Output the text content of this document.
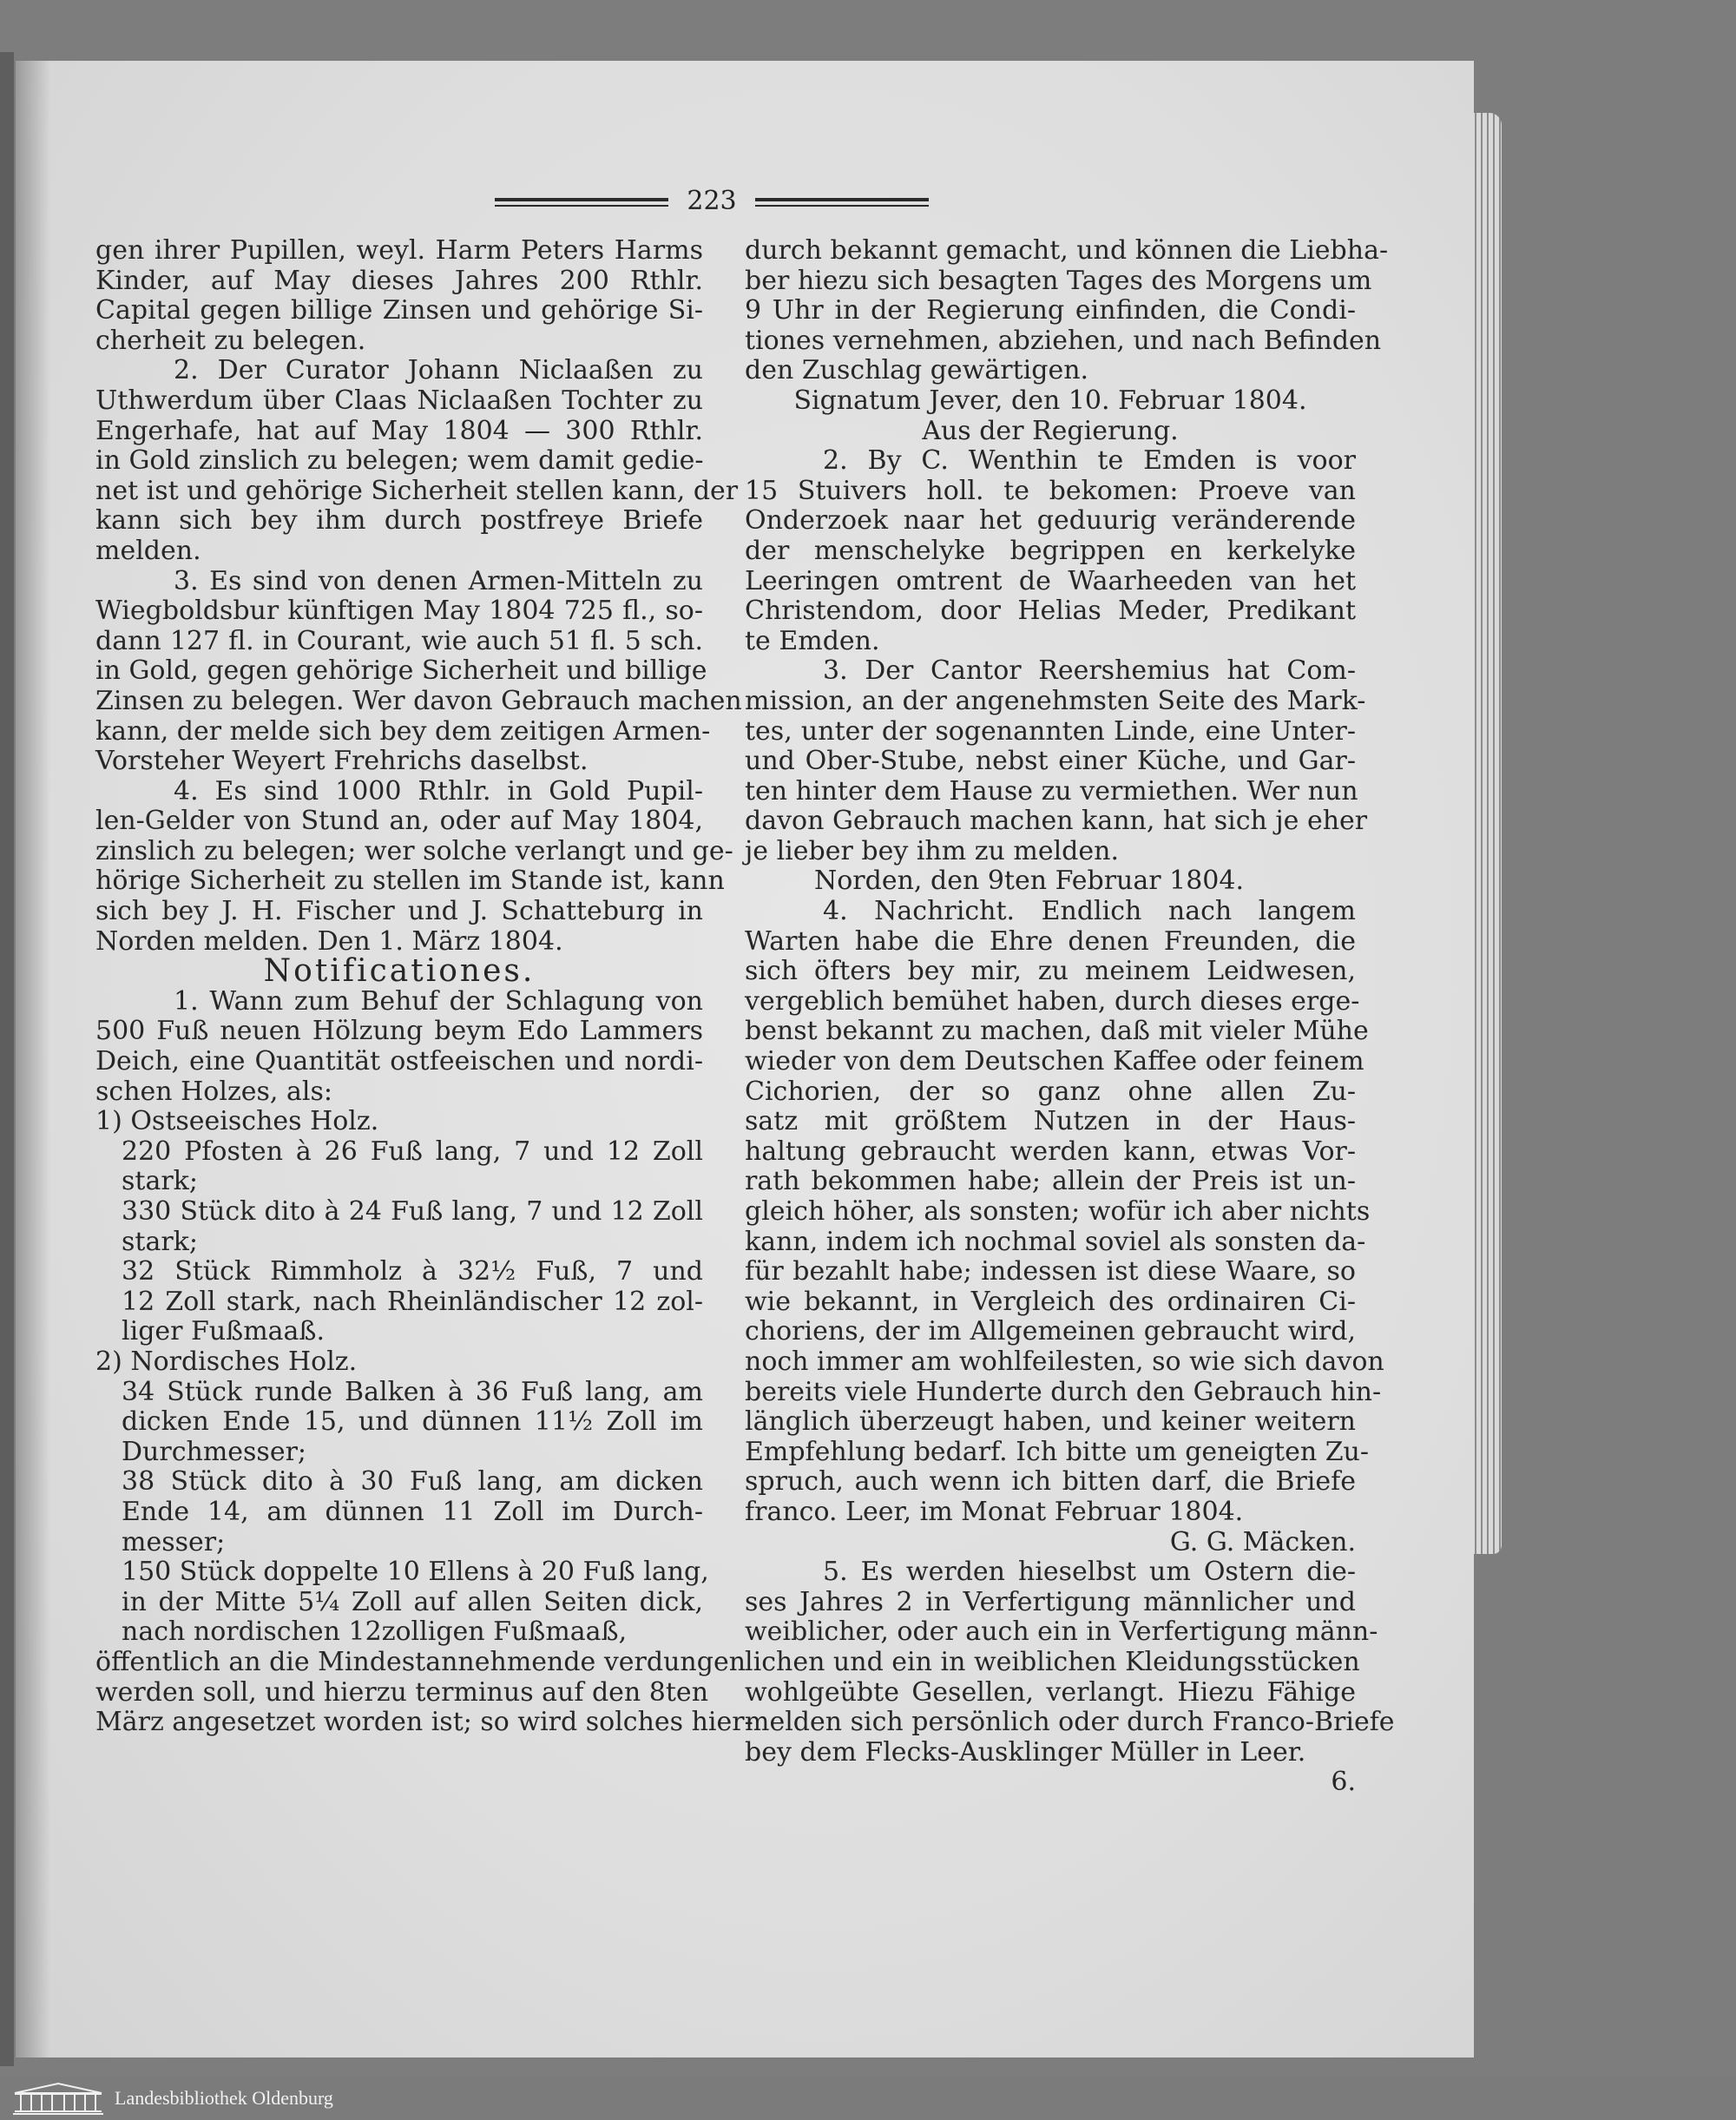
223
gen ihrer Pupillen, weyl. Harm Peters Harms
Kinder, auf May dieses Jahres 200 Rthlr.
Capital gegen billige Zinsen und gehörige Si-
cherheit zu belegen.
2. Der Curator Johann Niclaaßen zu
Uthwerdum über Claas Niclaaßen Tochter zu
Engerhafe, hat auf May 1804 — 300 Rthlr.
in Gold zinslich zu belegen; wem damit gedie-
net ist und gehörige Sicherheit stellen kann, der
kann sich bey ihm durch postfreye Briefe
melden.
3. Es sind von denen Armen-Mitteln zu
Wiegboldsbur künftigen May 1804 725 fl., so-
dann 127 fl. in Courant, wie auch 51 fl. 5 sch.
in Gold, gegen gehörige Sicherheit und billige
Zinsen zu belegen. Wer davon Gebrauch machen
kann, der melde sich bey dem zeitigen Armen-
Vorsteher Weyert Frehrichs daselbst.
4. Es sind 1000 Rthlr. in Gold Pupil-
len-Gelder von Stund an, oder auf May 1804,
zinslich zu belegen; wer solche verlangt und ge-
hörige Sicherheit zu stellen im Stande ist, kann
sich bey J. H. Fischer und J. Schatteburg in
Norden melden. Den 1. März 1804.
Notificationes.
1. Wann zum Behuf der Schlagung von
500 Fuß neuen Hölzung beym Edo Lammers
Deich, eine Quantität ostfeeischen und nordi-
schen Holzes, als:
1) Ostseeisches Holz.
220 Pfosten à 26 Fuß lang, 7 und 12 Zoll
stark;
330 Stück dito à 24 Fuß lang, 7 und 12 Zoll
stark;
32 Stück Rimmholz à 32½ Fuß, 7 und
12 Zoll stark, nach Rheinländischer 12 zol-
liger Fußmaaß.
2) Nordisches Holz.
34 Stück runde Balken à 36 Fuß lang, am
dicken Ende 15, und dünnen 11½ Zoll im
Durchmesser;
38 Stück dito à 30 Fuß lang, am dicken
Ende 14, am dünnen 11 Zoll im Durch-
messer;
150 Stück doppelte 10 Ellens à 20 Fuß lang,
in der Mitte 5¼ Zoll auf allen Seiten dick,
nach nordischen 12zolligen Fußmaaß,
öffentlich an die Mindestannehmende verdungen
werden soll, und hierzu terminus auf den 8ten
März angesetzet worden ist; so wird solches hier-
durch bekannt gemacht, und können die Liebha-
ber hiezu sich besagten Tages des Morgens um
9 Uhr in der Regierung einfinden, die Condi-
tiones vernehmen, abziehen, und nach Befinden
den Zuschlag gewärtigen.
Signatum Jever, den 10. Februar 1804.
Aus der Regierung.
2. By C. Wenthin te Emden is voor
15 Stuivers holl. te bekomen: Proeve van
Onderzoek naar het geduurig veränderende
der menschelyke begrippen en kerkelyke
Leeringen omtrent de Waarheeden van het
Christendom, door Helias Meder, Predikant
te Emden.
3. Der Cantor Reershemius hat Com-
mission, an der angenehmsten Seite des Mark-
tes, unter der sogenannten Linde, eine Unter-
und Ober-Stube, nebst einer Küche, und Gar-
ten hinter dem Hause zu vermiethen. Wer nun
davon Gebrauch machen kann, hat sich je eher
je lieber bey ihm zu melden.
Norden, den 9ten Februar 1804.
4. Nachricht. Endlich nach langem
Warten habe die Ehre denen Freunden, die
sich öfters bey mir, zu meinem Leidwesen,
vergeblich bemühet haben, durch dieses erge-
benst bekannt zu machen, daß mit vieler Mühe
wieder von dem Deutschen Kaffee oder feinem
Cichorien, der so ganz ohne allen Zu-
satz mit größtem Nutzen in der Haus-
haltung gebraucht werden kann, etwas Vor-
rath bekommen habe; allein der Preis ist un-
gleich höher, als sonsten; wofür ich aber nichts
kann, indem ich nochmal soviel als sonsten da-
für bezahlt habe; indessen ist diese Waare, so
wie bekannt, in Vergleich des ordinairen Ci-
choriens, der im Allgemeinen gebraucht wird,
noch immer am wohlfeilesten, so wie sich davon
bereits viele Hunderte durch den Gebrauch hin-
länglich überzeugt haben, und keiner weitern
Empfehlung bedarf. Ich bitte um geneigten Zu-
spruch, auch wenn ich bitten darf, die Briefe
franco. Leer, im Monat Februar 1804.
G. G. Mäcken.
5. Es werden hieselbst um Ostern die-
ses Jahres 2 in Verfertigung männlicher und
weiblicher, oder auch ein in Verfertigung männ-
lichen und ein in weiblichen Kleidungsstücken
wohlgeübte Gesellen, verlangt. Hiezu Fähige
melden sich persönlich oder durch Franco-Briefe
bey dem Flecks-Ausklinger Müller in Leer.
6.
Landesbibliothek Oldenburg
